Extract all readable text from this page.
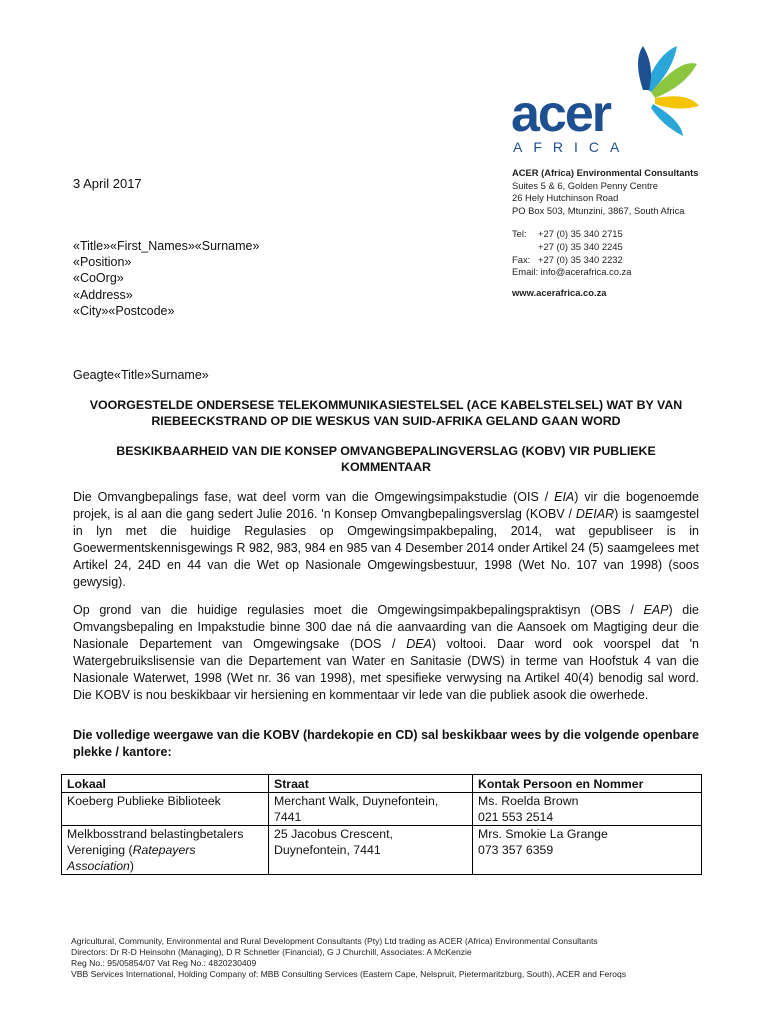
acer
AFRICA
ACER (Africa) Environmental Consultants
Suites 5 & 6, Golden Penny Centre
26 Hely Hutchinson Road
PO Box 503, Mtunzini, 3867, South Africa
Tel:	+27 (0) 35 340 2715
+27 (0) 35 340 2245
Fax: +27 (0) 35 340 2232
Email: info@acerafrica.co.za
www.acerafrica.co.za
3 April 2017
«Title»«First_Names»«Surname»
«Position»
«CoOrg»
«Address»
«City»«Postcode»
Geagte«Title»Surname»
VOORGESTELDE ONDERSESE TELEKOMMUNIKASIESTELSEL (ACE KABELSTELSEL) WAT BY VAN RIEBEECKSTRAND OP DIE WESKUS VAN SUID-AFRIKA GELAND GAAN WORD
BESKIKBAARHEID VAN DIE KONSEP OMVANGBEPALINGVERSLAG (KOBV) VIR PUBLIEKE KOMMENTAAR
Die Omvangbepalings fase, wat deel vorm van die Omgewingsimpakstudie (OIS / EIA) vir die bogenoemde projek, is al aan die gang sedert Julie 2016. 'n Konsep Omvangbepalingsverslag (KOBV / DEIAR) is saamgestel in lyn met die huidige Regulasies op Omgewingsimpakbepaling, 2014, wat gepubliseer is in Goewermentskennisgewings R 982, 983, 984 en 985 van 4 Desember 2014 onder Artikel 24 (5) saamgelees met Artikel 24, 24D en 44 van die Wet op Nasionale Omgewingsbestuur, 1998 (Wet No. 107 van 1998) (soos gewysig).
Op grond van die huidige regulasies moet die Omgewingsimpakbepalingspraktisyn (OBS / EAP) die Omvangsbepaling en Impakstudie binne 300 dae ná die aanvaarding van die Aansoek om Magtiging deur die Nasionale Departement van Omgewingsake (DOS / DEA) voltooi. Daar word ook voorspel dat 'n Watergebruikslisensie van die Departement van Water en Sanitasie (DWS) in terme van Hoofstuk 4 van die Nasionale Waterwet, 1998 (Wet nr. 36 van 1998), met spesifieke verwysing na Artikel 40(4) benodig sal word. Die KOBV is nou beskikbaar vir hersiening en kommentaar vir lede van die publiek asook die owerhede.
Die volledige weergawe van die KOBV (hardekopie en CD) sal beskikbaar wees by die volgende openbare plekke / kantore:
Lokaal	Straat	Kontak Persoon en Nommer
Koeberg Publieke Biblioteek	Merchant Walk, Duynefontein, 7441	Ms. Roelda Brown
021 553 2514

Melkbosstrand belastingbetalers Vereniging (Ratepayers Association)	25 Jacobus Crescent, Duynefontein, 7441	Mrs. Smokie La Grange
073 357 6359
Agricultural, Community, Environmental and Rural Development Consultants (Pty) Ltd trading as ACER (Africa) Environmental Consultants
Directors: Dr R-D Heinsohn (Managing), D R Schnetler (Financial), G J Churchill, Associates: A McKenzie
Reg No.: 95/05854/07 Vat Reg No.: 4820230409
VBB Services International, Holding Company of: MBB Consulting Services (Eastern Cape, Nelspruit, Pietermaritzburg, South), ACER and Feroqs
